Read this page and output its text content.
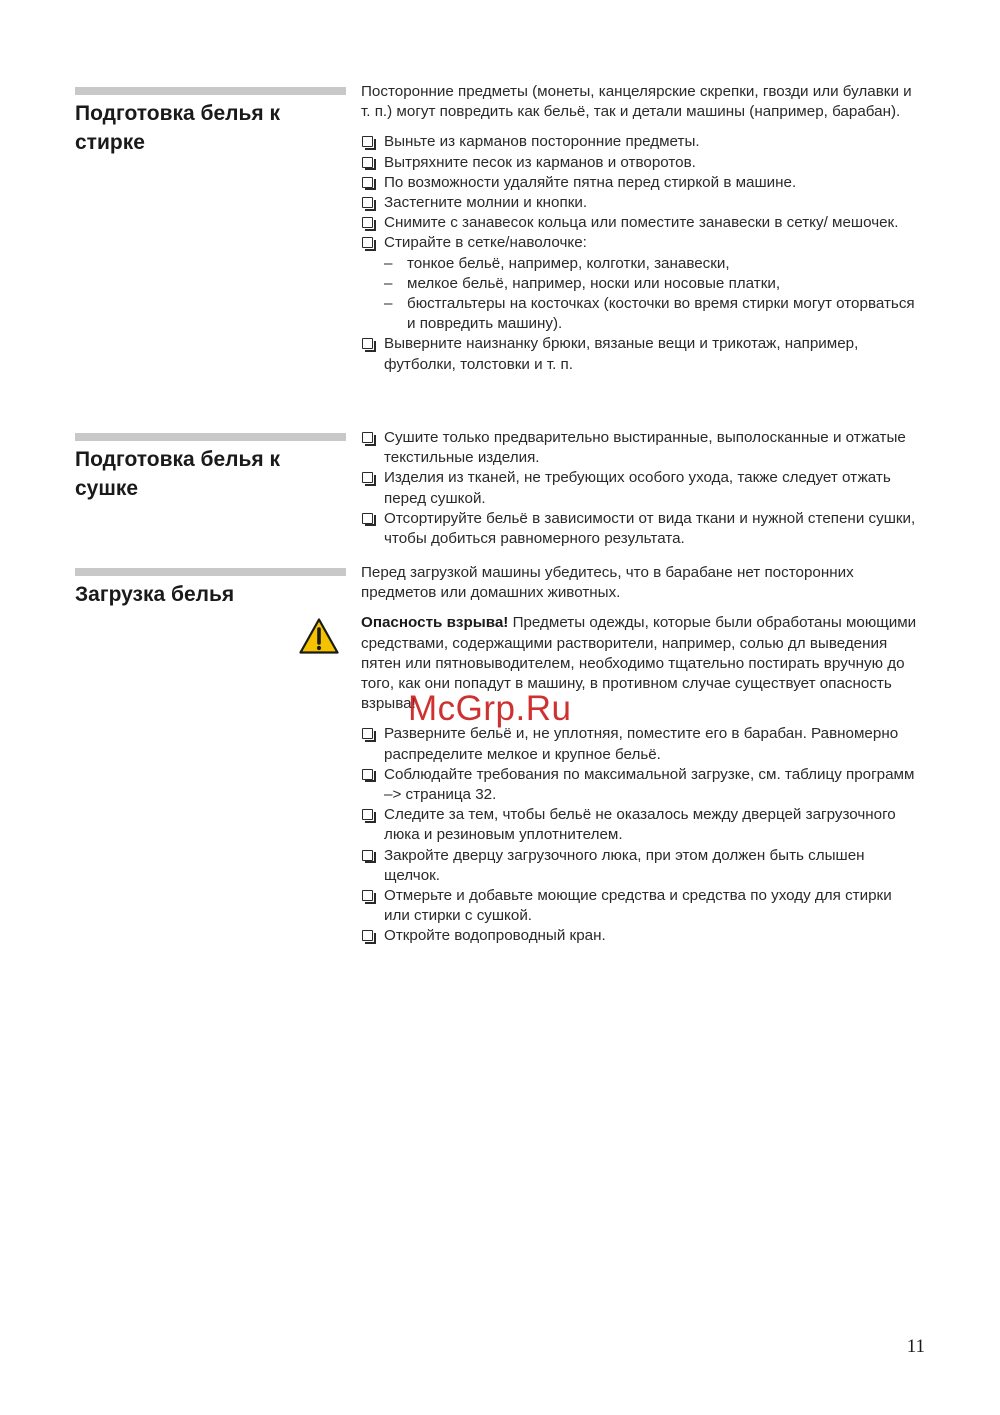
Подготовка белья к стирке

Посторонние предметы (монеты, канцелярские скрепки, гвозди или булавки и т. п.) могут повредить как бельё, так и детали машины (например, барабан).

Выньте из карманов посторонние предметы.
Вытряхните песок из карманов и отворотов.
По возможности удаляйте пятна перед стиркой в машине.
Застегните молнии и кнопки.
Снимите с занавесок кольца или поместите занавески в сетку/ мешочек.
Стирайте в сетке/наволочке:
– тонкое бельё, например, колготки, занавески,
– мелкое бельё, например, носки или носовые платки,
– бюстгальтеры на косточках (косточки во время стирки могут оторваться и повредить машину).
Выверните наизнанку брюки, вязаные вещи и трикотаж, например, футболки, толстовки и т. п.
Подготовка белья к сушке
Сушите только предварительно выстиранные, выполосканные и отжатые текстильные изделия.
Изделия из тканей, не требующих особого ухода, также следует отжать перед сушкой.
Отсортируйте бельё в зависимости от вида ткани и нужной степени сушки, чтобы добиться равномерного результата.
Загрузка белья

Перед загрузкой машины убедитесь, что в барабане нет посторонних предметов или домашних животных.

Опасность взрыва! Предметы одежды, которые были обработаны моющими средствами, содержащими растворители, например, солью дл выведения пятен или пятновыводителем, необходимо тщательно постирать вручную до того, как они попадут в машину, в противном случае существует опасность взрыва!

Разверните бельё и, не уплотняя, поместите его в барабан. Равномерно распределите мелкое и крупное бельё.
Соблюдайте требования по максимальной загрузке, см. таблицу программ –> страница 32.
Следите за тем, чтобы бельё не оказалось между дверцей загрузочного люка и резиновым уплотнителем.
Закройте дверцу загрузочного люка, при этом должен быть слышен щелчок.
Отмерьте и добавьте моющие средства и средства по уходу для стирки или стирки с сушкой.
Откройте водопроводный кран.
McGrp.Ru
11
